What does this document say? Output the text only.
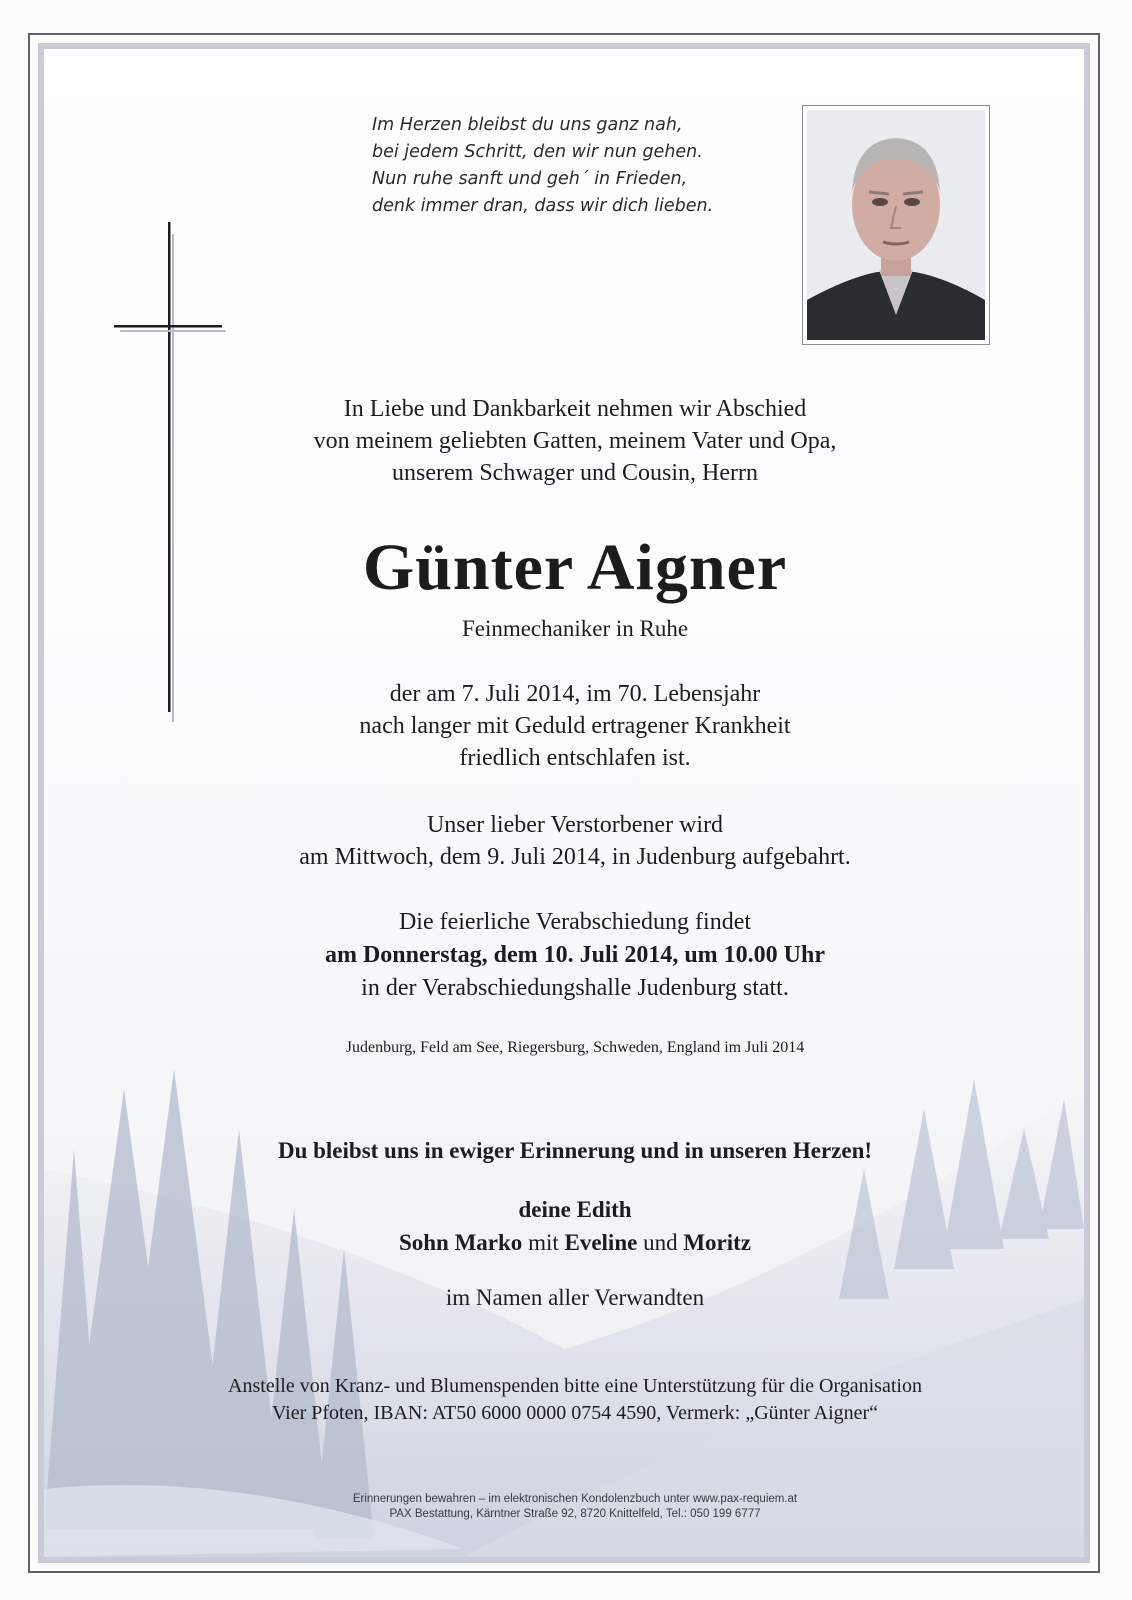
Im Herzen bleibst du uns ganz nah,
bei jedem Schritt, den wir nun gehen.
Nun ruhe sanft und geh´ in Frieden,
denk immer dran, dass wir dich lieben.
In Liebe und Dankbarkeit nehmen wir Abschied
von meinem geliebten Gatten, meinem Vater und Opa,
unserem Schwager und Cousin, Herrn
Günter Aigner
Feinmechaniker in Ruhe
der am 7. Juli 2014, im 70. Lebensjahr
nach langer mit Geduld ertragener Krankheit
friedlich entschlafen ist.
Unser lieber Verstorbener wird
am Mittwoch, dem 9. Juli 2014, in Judenburg aufgebahrt.
Die feierliche Verabschiedung findet
am Donnerstag, dem 10. Juli 2014, um 10.00 Uhr
in der Verabschiedungshalle Judenburg statt.
Judenburg, Feld am See, Riegersburg, Schweden, England im Juli 2014
Du bleibst uns in ewiger Erinnerung und in unseren Herzen!
deine Edith
Sohn Marko mit Eveline und Moritz
im Namen aller Verwandten
Anstelle von Kranz- und Blumenspenden bitte eine Unterstützung für die Organisation
Vier Pfoten, IBAN: AT50 6000 0000 0754 4590, Vermerk: „Günter Aigner“
Erinnerungen bewahren – im elektronischen Kondolenzbuch unter www.pax-requiem.at
PAX Bestattung, Kärntner Straße 92, 8720 Knittelfeld, Tel.: 050 199 6777
